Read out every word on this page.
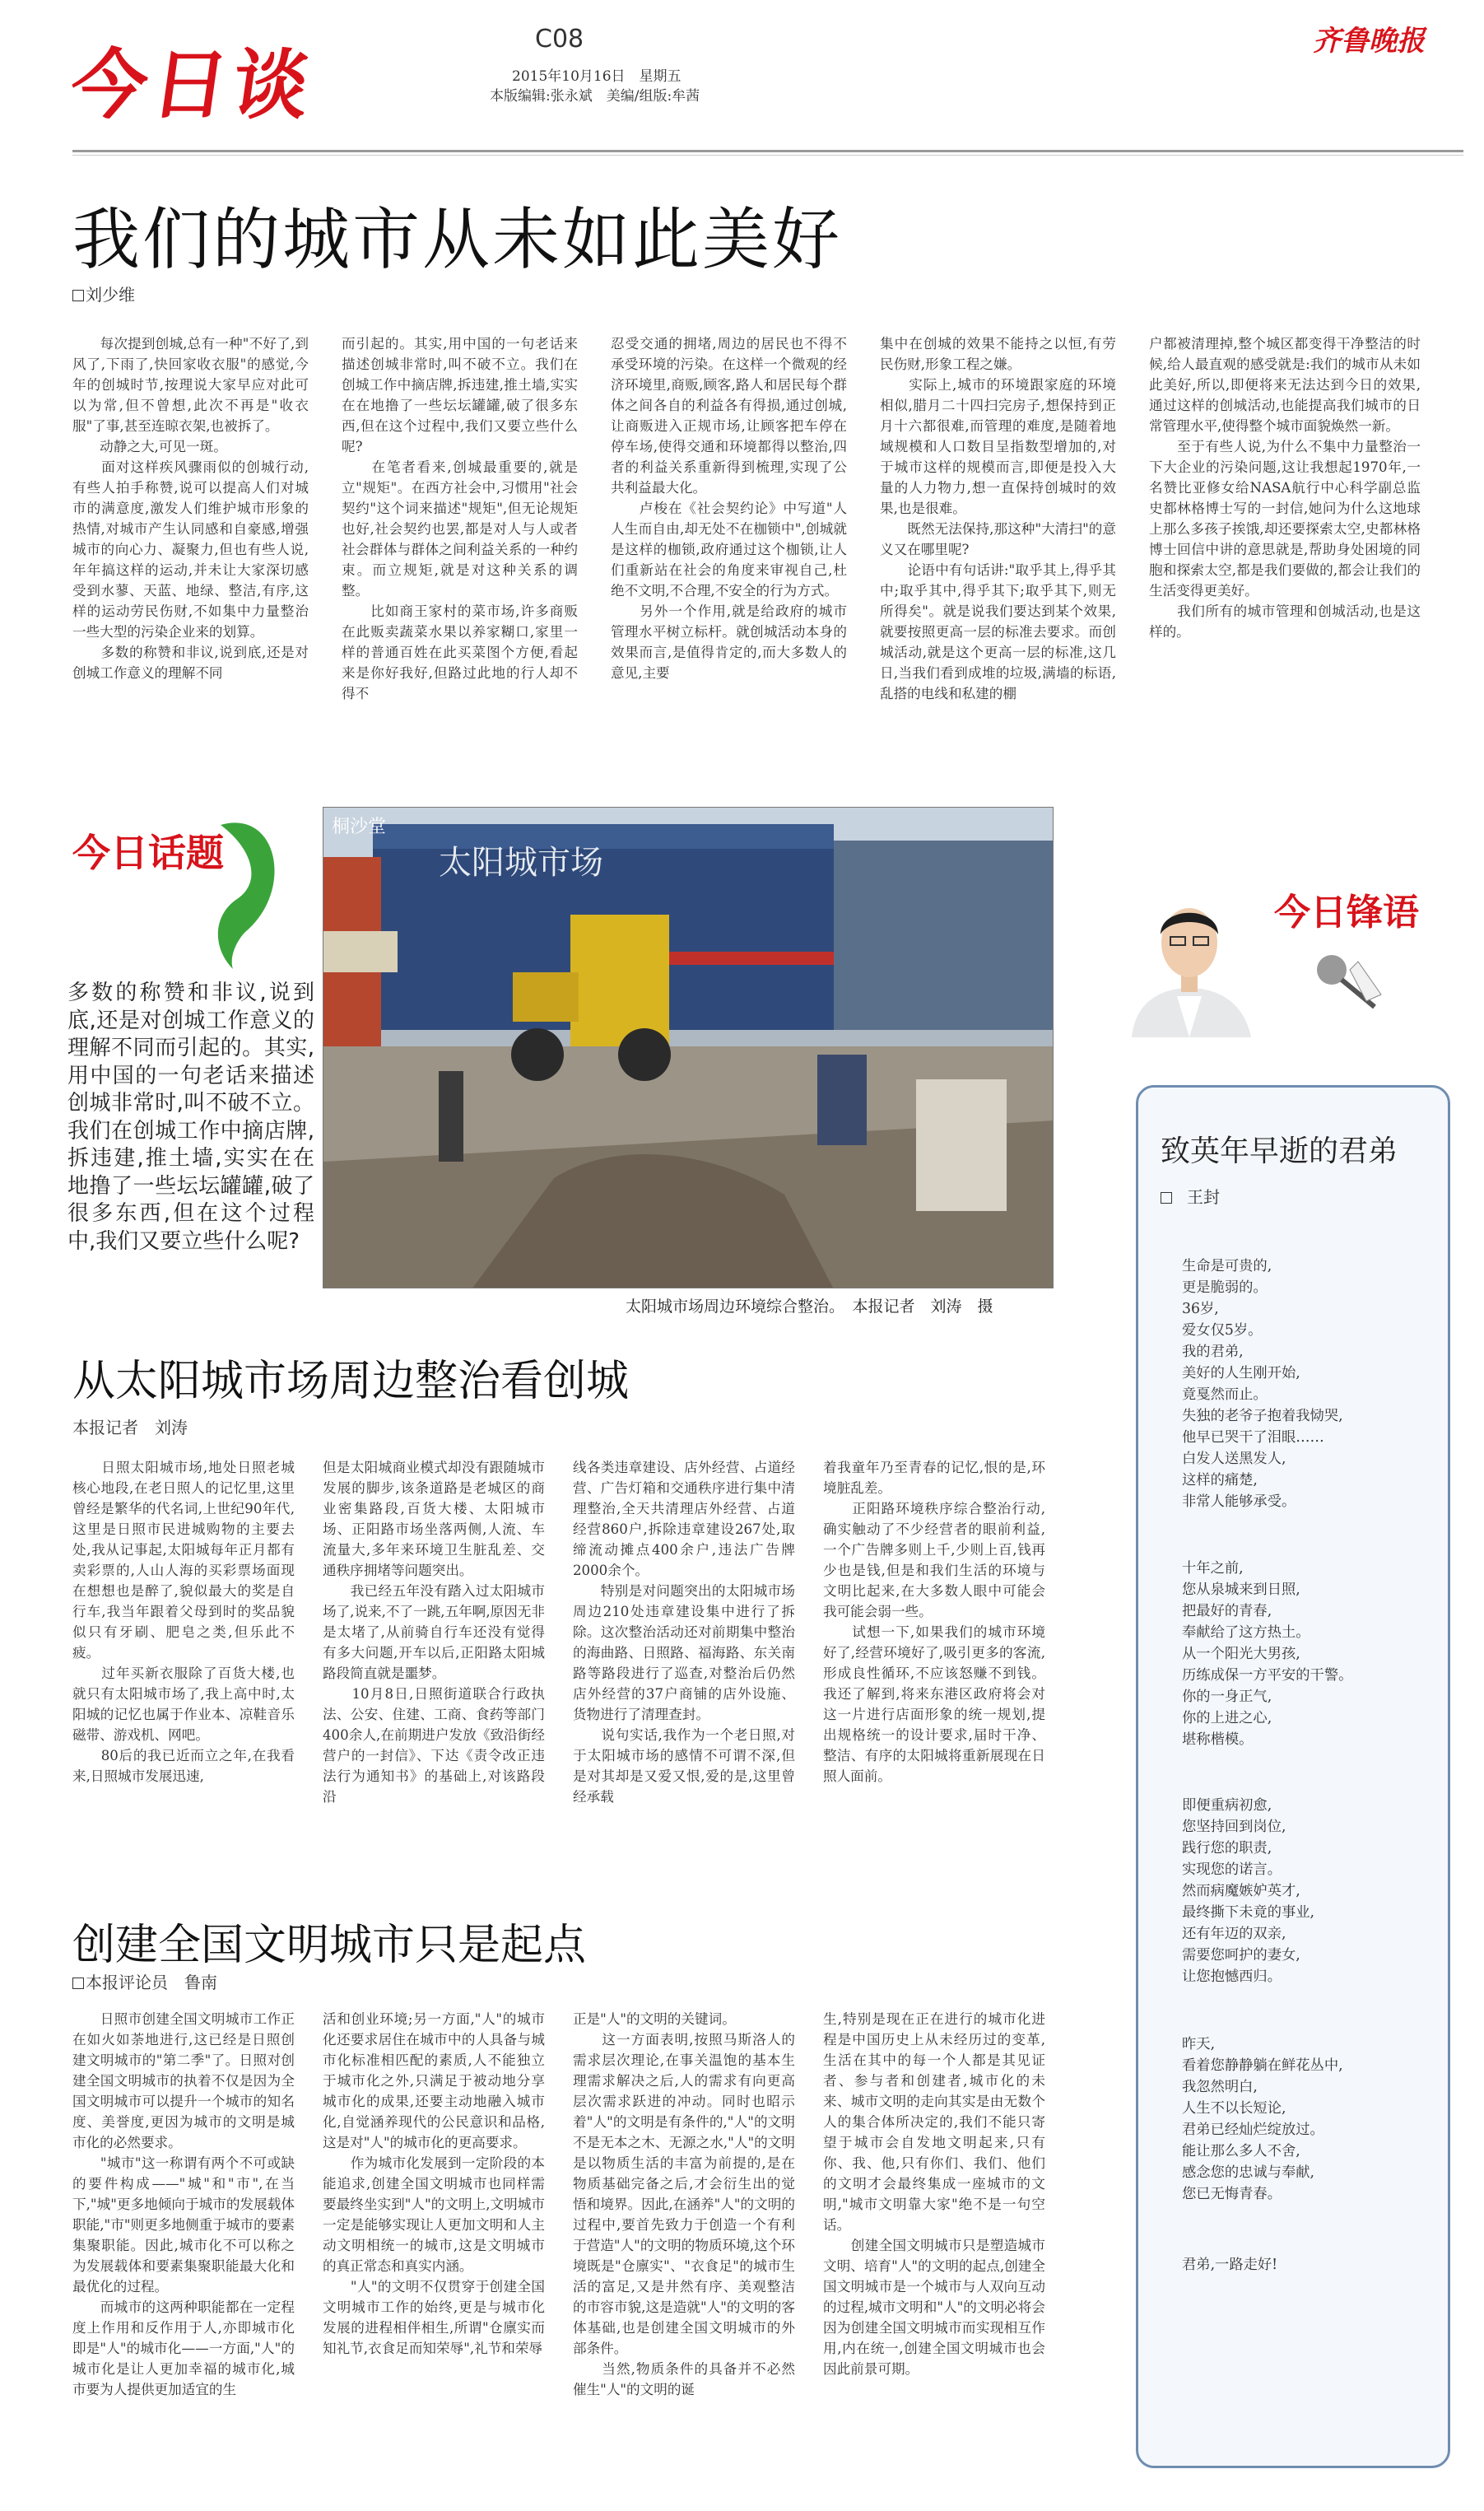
今日谈
C08
2015年10月16日　星期五
本版编辑:张永斌　美编/组版:牟茜
齐鲁晚报
我们的城市从未如此美好
刘少维
　　每次提到创城,总有一种"不好了,到风了,下雨了,快回家收衣服"的感觉,今年的创城时节,按理说大家早应对此可以为常,但不曾想,此次不再是"收衣服"了事,甚至连晾衣架,也被拆了。
　　动静之大,可见一斑。
　　面对这样疾风骤雨似的创城行动,有些人拍手称赞,说可以提高人们对城市的满意度,激发人们维护城市形象的热情,对城市产生认同感和自豪感,增强城市的向心力、凝聚力,但也有些人说,年年搞这样的运动,并未让大家深切感受到水蓼、天蓝、地绿、整洁,有序,这样的运动劳民伤财,不如集中力量整治一些大型的污染企业来的划算。
　　多数的称赞和非议,说到底,还是对创城工作意义的理解不同
而引起的。其实,用中国的一句老话来描述创城非常时,叫不破不立。我们在创城工作中摘店牌,拆违建,推土墙,实实在在地撸了一些坛坛罐罐,破了很多东西,但在这个过程中,我们又要立些什么呢?
　　在笔者看来,创城最重要的,就是立"规矩"。在西方社会中,习惯用"社会契约"这个词来描述"规矩",但无论规矩也好,社会契约也罢,都是对人与人或者社会群体与群体之间利益关系的一种约束。而立规矩,就是对这种关系的调整。
　　比如商王家村的菜市场,许多商贩在此贩卖蔬菜水果以养家糊口,家里一样的普通百姓在此买菜图个方便,看起来是你好我好,但路过此地的行人却不得不
忍受交通的拥堵,周边的居民也不得不承受环境的污染。在这样一个微观的经济环境里,商贩,顾客,路人和居民每个群体之间各自的利益各有得损,通过创城,让商贩进入正规市场,让顾客把车停在停车场,使得交通和环境都得以整治,四者的利益关系重新得到梳理,实现了公共利益最大化。
　　卢梭在《社会契约论》中写道"人人生而自由,却无处不在枷锁中",创城就是这样的枷锁,政府通过这个枷锁,让人们重新站在社会的角度来审视自己,杜绝不文明,不合理,不安全的行为方式。
　　另外一个作用,就是给政府的城市管理水平树立标杆。就创城活动本身的效果而言,是值得肯定的,而大多数人的意见,主要
集中在创城的效果不能持之以恒,有劳民伤财,形象工程之嫌。
　　实际上,城市的环境跟家庭的环境相似,腊月二十四扫完房子,想保持到正月十六都很难,而管理的难度,是随着地域规模和人口数目呈指数型增加的,对于城市这样的规模而言,即便是投入大量的人力物力,想一直保持创城时的效果,也是很难。
　　既然无法保持,那这种"大清扫"的意义又在哪里呢?
　　论语中有句话讲:"取乎其上,得乎其中;取乎其中,得乎其下;取乎其下,则无所得矣"。就是说我们要达到某个效果,就要按照更高一层的标准去要求。而创城活动,就是这个更高一层的标准,这几日,当我们看到成堆的垃圾,满墙的标语,乱搭的电线和私建的棚
户都被清理掉,整个城区都变得干净整洁的时候,给人最直观的感受就是:我们的城市从未如此美好,所以,即便将来无法达到今日的效果,通过这样的创城活动,也能提高我们城市的日常管理水平,使得整个城市面貌焕然一新。
　　至于有些人说,为什么不集中力量整治一下大企业的污染问题,这让我想起1970年,一名赞比亚修女给NASA航行中心科学副总监史都林格博士写的一封信,她问为什么这地球上那么多孩子挨饿,却还要探索太空,史都林格博士回信中讲的意思就是,帮助身处困境的同胞和探索太空,都是我们要做的,都会让我们的生活变得更美好。
　　我们所有的城市管理和创城活动,也是这样的。
今日话题
多数的称赞和非议,说到底,还是对创城工作意义的理解不同而引起的。其实,用中国的一句老话来描述创城非常时,叫不破不立。我们在创城工作中摘店牌,拆违建,推土墙,实实在在地撸了一些坛坛罐罐,破了很多东西,但在这个过程中,我们又要立些什么呢?
太阳城市场
桐沙堂
太阳城市场周边环境综合整治。　本报记者　刘涛　摄
今日锋语
致英年早逝的君弟
王封
生命是可贵的,
更是脆弱的。
36岁,
爱女仅5岁。
我的君弟,
美好的人生刚开始,
竟戛然而止。
失独的老爷子抱着我恸哭,
他早已哭干了泪眼……
白发人送黑发人,
这样的痛楚,
非常人能够承受。
十年之前,
您从泉城来到日照,
把最好的青春,
奉献给了这方热土。
从一个阳光大男孩,
历练成保一方平安的干警。
你的一身正气,
你的上进之心,
堪称楷模。
即便重病初愈,
您坚持回到岗位,
践行您的职责,
实现您的诺言。
然而病魔嫉妒英才,
最终撕下未竟的事业,
还有年迈的双亲,
需要您呵护的妻女,
让您抱憾西归。
昨天,
看着您静静躺在鲜花丛中,
我忽然明白,
人生不以长短论,
君弟已经灿烂绽放过。
能让那么多人不舍,
感念您的忠诚与奉献,
您已无悔青春。
君弟,一路走好!
从太阳城市场周边整治看创城
本报记者　刘涛
　　日照太阳城市场,地处日照老城核心地段,在老日照人的记忆里,这里曾经是繁华的代名词,上世纪90年代,这里是日照市民进城购物的主要去处,我从记事起,太阳城每年正月都有卖彩票的,人山人海的买彩票场面现在想想也是醉了,貌似最大的奖是自行车,我当年跟着父母到时的奖品貌似只有牙刷、肥皂之类,但乐此不疲。
　　过年买新衣服除了百货大楼,也就只有太阳城市场了,我上高中时,太阳城的记忆也属于作业本、凉鞋音乐磁带、游戏机、网吧。
　　80后的我已近而立之年,在我看来,日照城市发展迅速,
但是太阳城商业模式却没有跟随城市发展的脚步,该条道路是老城区的商业密集路段,百货大楼、太阳城市场、正阳路市场坐落两侧,人流、车流量大,多年来环境卫生脏乱差、交通秩序拥堵等问题突出。
　　我已经五年没有踏入过太阳城市场了,说来,不了一跳,五年啊,原因无非是太堵了,从前骑自行车还没有觉得有多大问题,开车以后,正阳路太阳城路段简直就是噩梦。
　　10月8日,日照街道联合行政执法、公安、住建、工商、食药等部门400余人,在前期进户发放《致沿街经营户的一封信》、下达《责令改正违法行为通知书》的基础上,对该路段沿
线各类违章建设、店外经营、占道经营、广告灯箱和交通秩序进行集中清理整治,全天共清理店外经营、占道经营860户,拆除违章建设267处,取缔流动摊点400余户,违法广告牌2000余个。
　　特别是对问题突出的太阳城市场周边210处违章建设集中进行了拆除。这次整治活动还对前期集中整治的海曲路、日照路、福海路、东关南路等路段进行了巡查,对整治后仍然店外经营的37户商铺的店外设施、货物进行了清理查封。
　　说句实话,我作为一个老日照,对于太阳城市场的感情不可谓不深,但是对其却是又爱又恨,爱的是,这里曾经承载
着我童年乃至青春的记忆,恨的是,环境脏乱差。
　　正阳路环境秩序综合整治行动,确实触动了不少经营者的眼前利益,一个广告牌多则上千,少则上百,钱再少也是钱,但是和我们生活的环境与文明比起来,在大多数人眼中可能会我可能会弱一些。
　　试想一下,如果我们的城市环境好了,经营环境好了,吸引更多的客流,形成良性循环,不应该怒赚不到钱。我还了解到,将来东港区政府将会对这一片进行店面形象的统一规划,提出规格统一的设计要求,届时干净、整洁、有序的太阳城将重新展现在日照人面前。
创建全国文明城市只是起点
本报评论员　鲁南
　　日照市创建全国文明城市工作正在如火如荼地进行,这已经是日照创建文明城市的"第二季"了。日照对创建全国文明城市的执着不仅是因为全国文明城市可以提升一个城市的知名度、美誉度,更因为城市的文明是城市化的必然要求。
　　"城市"这一称谓有两个不可或缺的要件构成——"城"和"市",在当下,"城"更多地倾向于城市的发展载体职能,"市"则更多地侧重于城市的要素集聚职能。因此,城市化不可以称之为发展载体和要素集聚职能最大化和最优化的过程。
　　而城市的这两种职能都在一定程度上作用和反作用于人,亦即城市化即是"人"的城市化——一方面,"人"的城市化是让人更加幸福的城市化,城市要为人提供更加适宜的生
活和创业环境;另一方面,"人"的城市化还要求居住在城市中的人具备与城市化标准相匹配的素质,人不能独立于城市化之外,只满足于被动地分享城市化的成果,还要主动地融入城市化,自觉涵养现代的公民意识和品格,这是对"人"的城市化的更高要求。
　　作为城市化发展到一定阶段的本能追求,创建全国文明城市也同样需要最终坐实到"人"的文明上,文明城市一定是能够实现让人更加文明和人主动文明相统一的城市,这是文明城市的真正常态和真实内涵。
　　"人"的文明不仅贯穿于创建全国文明城市工作的始终,更是与城市化发展的进程相伴相生,所谓"仓廪实而知礼节,衣食足而知荣辱",礼节和荣辱
正是"人"的文明的关键词。
　　这一方面表明,按照马斯洛人的需求层次理论,在事关温饱的基本生理需求解决之后,人的需求有向更高层次需求跃进的冲动。同时也昭示着"人"的文明是有条件的,"人"的文明不是无本之木、无源之水,"人"的文明是以物质生活的丰富为前提的,是在物质基础完备之后,才会衍生出的觉悟和境界。因此,在涵养"人"的文明的过程中,要首先致力于创造一个有利于营造"人"的文明的物质环境,这个环境既是"仓廪实"、"衣食足"的城市生活的富足,又是井然有序、美观整洁的市容市貌,这是造就"人"的文明的客体基础,也是创建全国文明城市的外部条件。
　　当然,物质条件的具备并不必然催生"人"的文明的诞
生,特别是现在正在进行的城市化进程是中国历史上从未经历过的变革,生活在其中的每一个人都是其见证者、参与者和创建者,城市化的未来、城市文明的走向其实是由无数个人的集合体所决定的,我们不能只寄望于城市会自发地文明起来,只有你、我、他,只有你们、我们、他们的文明才会最终集成一座城市的文明,"城市文明靠大家"绝不是一句空话。
　　创建全国文明城市只是塑造城市文明、培育"人"的文明的起点,创建全国文明城市是一个城市与人双向互动的过程,城市文明和"人"的文明必将会因为创建全国文明城市而实现相互作用,内在统一,创建全国文明城市也会因此前景可期。
